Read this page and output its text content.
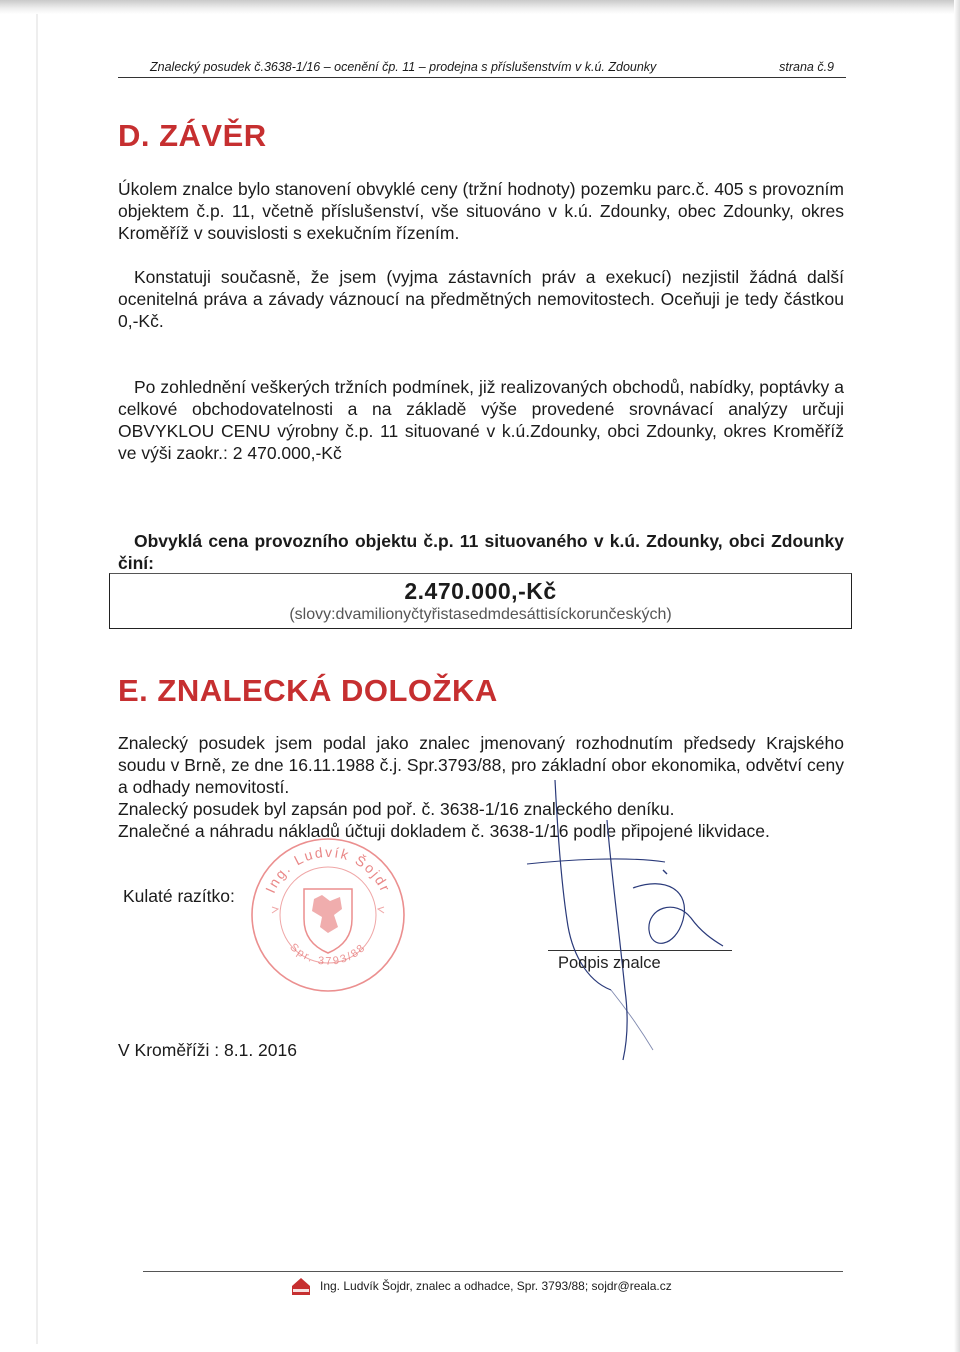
Znalecký posudek č.3638-1/16 – ocenění čp. 11 – prodejna s příslušenstvím v k.ú. Zdounky	strana č.9
D. ZÁVĚR
Úkolem znalce bylo stanovení obvyklé ceny (tržní hodnoty) pozemku parc.č. 405 s provozním objektem č.p. 11, včetně příslušenství, vše situováno v k.ú. Zdounky, obec Zdounky, okres Kroměříž v souvislosti s exekučním řízením.
Konstatuji současně, že jsem (vyjma zástavních práv a exekucí) nezjistil žádná další ocenitelná práva a závady váznoucí na předmětných nemovitostech. Oceňuji je tedy částkou 0,-Kč.
Po zohlednění veškerých tržních podmínek, již realizovaných obchodů, nabídky, poptávky a celkové obchodovatelnosti a na základě výše provedené srovnávací analýzy určuji OBVYKLOU CENU výrobny č.p. 11 situované v k.ú.Zdounky, obci Zdounky, okres Kroměříž ve výši zaokr.: 2 470.000,-Kč
Obvyklá cena provozního objektu č.p. 11 situovaného v k.ú. Zdounky, obci Zdounky činí:
2.470.000,-Kč
(slovy:dvamilionyčtyřistasedmdesáttisíckorunčeských)
E. ZNALECKÁ DOLOŽKA
Znalecký posudek jsem podal jako znalec jmenovaný rozhodnutím předsedy Krajského soudu v Brně, ze dne 16.11.1988 č.j. Spr.3793/88, pro základní obor ekonomika, odvětví ceny a odhady nemovitostí.
Znalecký posudek byl zapsán pod poř. č. 3638-1/16 znaleckého deníku.
Znalečné a náhradu nákladů účtuji dokladem č. 3638-1/16 podle připojené likvidace.
Kulaté razítko: Ing. Ludvík Šojdr
Spr. 3793/88
Podpis znalce
V Kroměříži : 8.1. 2016
Ing. Ludvík Šojdr, znalec a odhadce, Spr. 3793/88; sojdr@reala.cz
